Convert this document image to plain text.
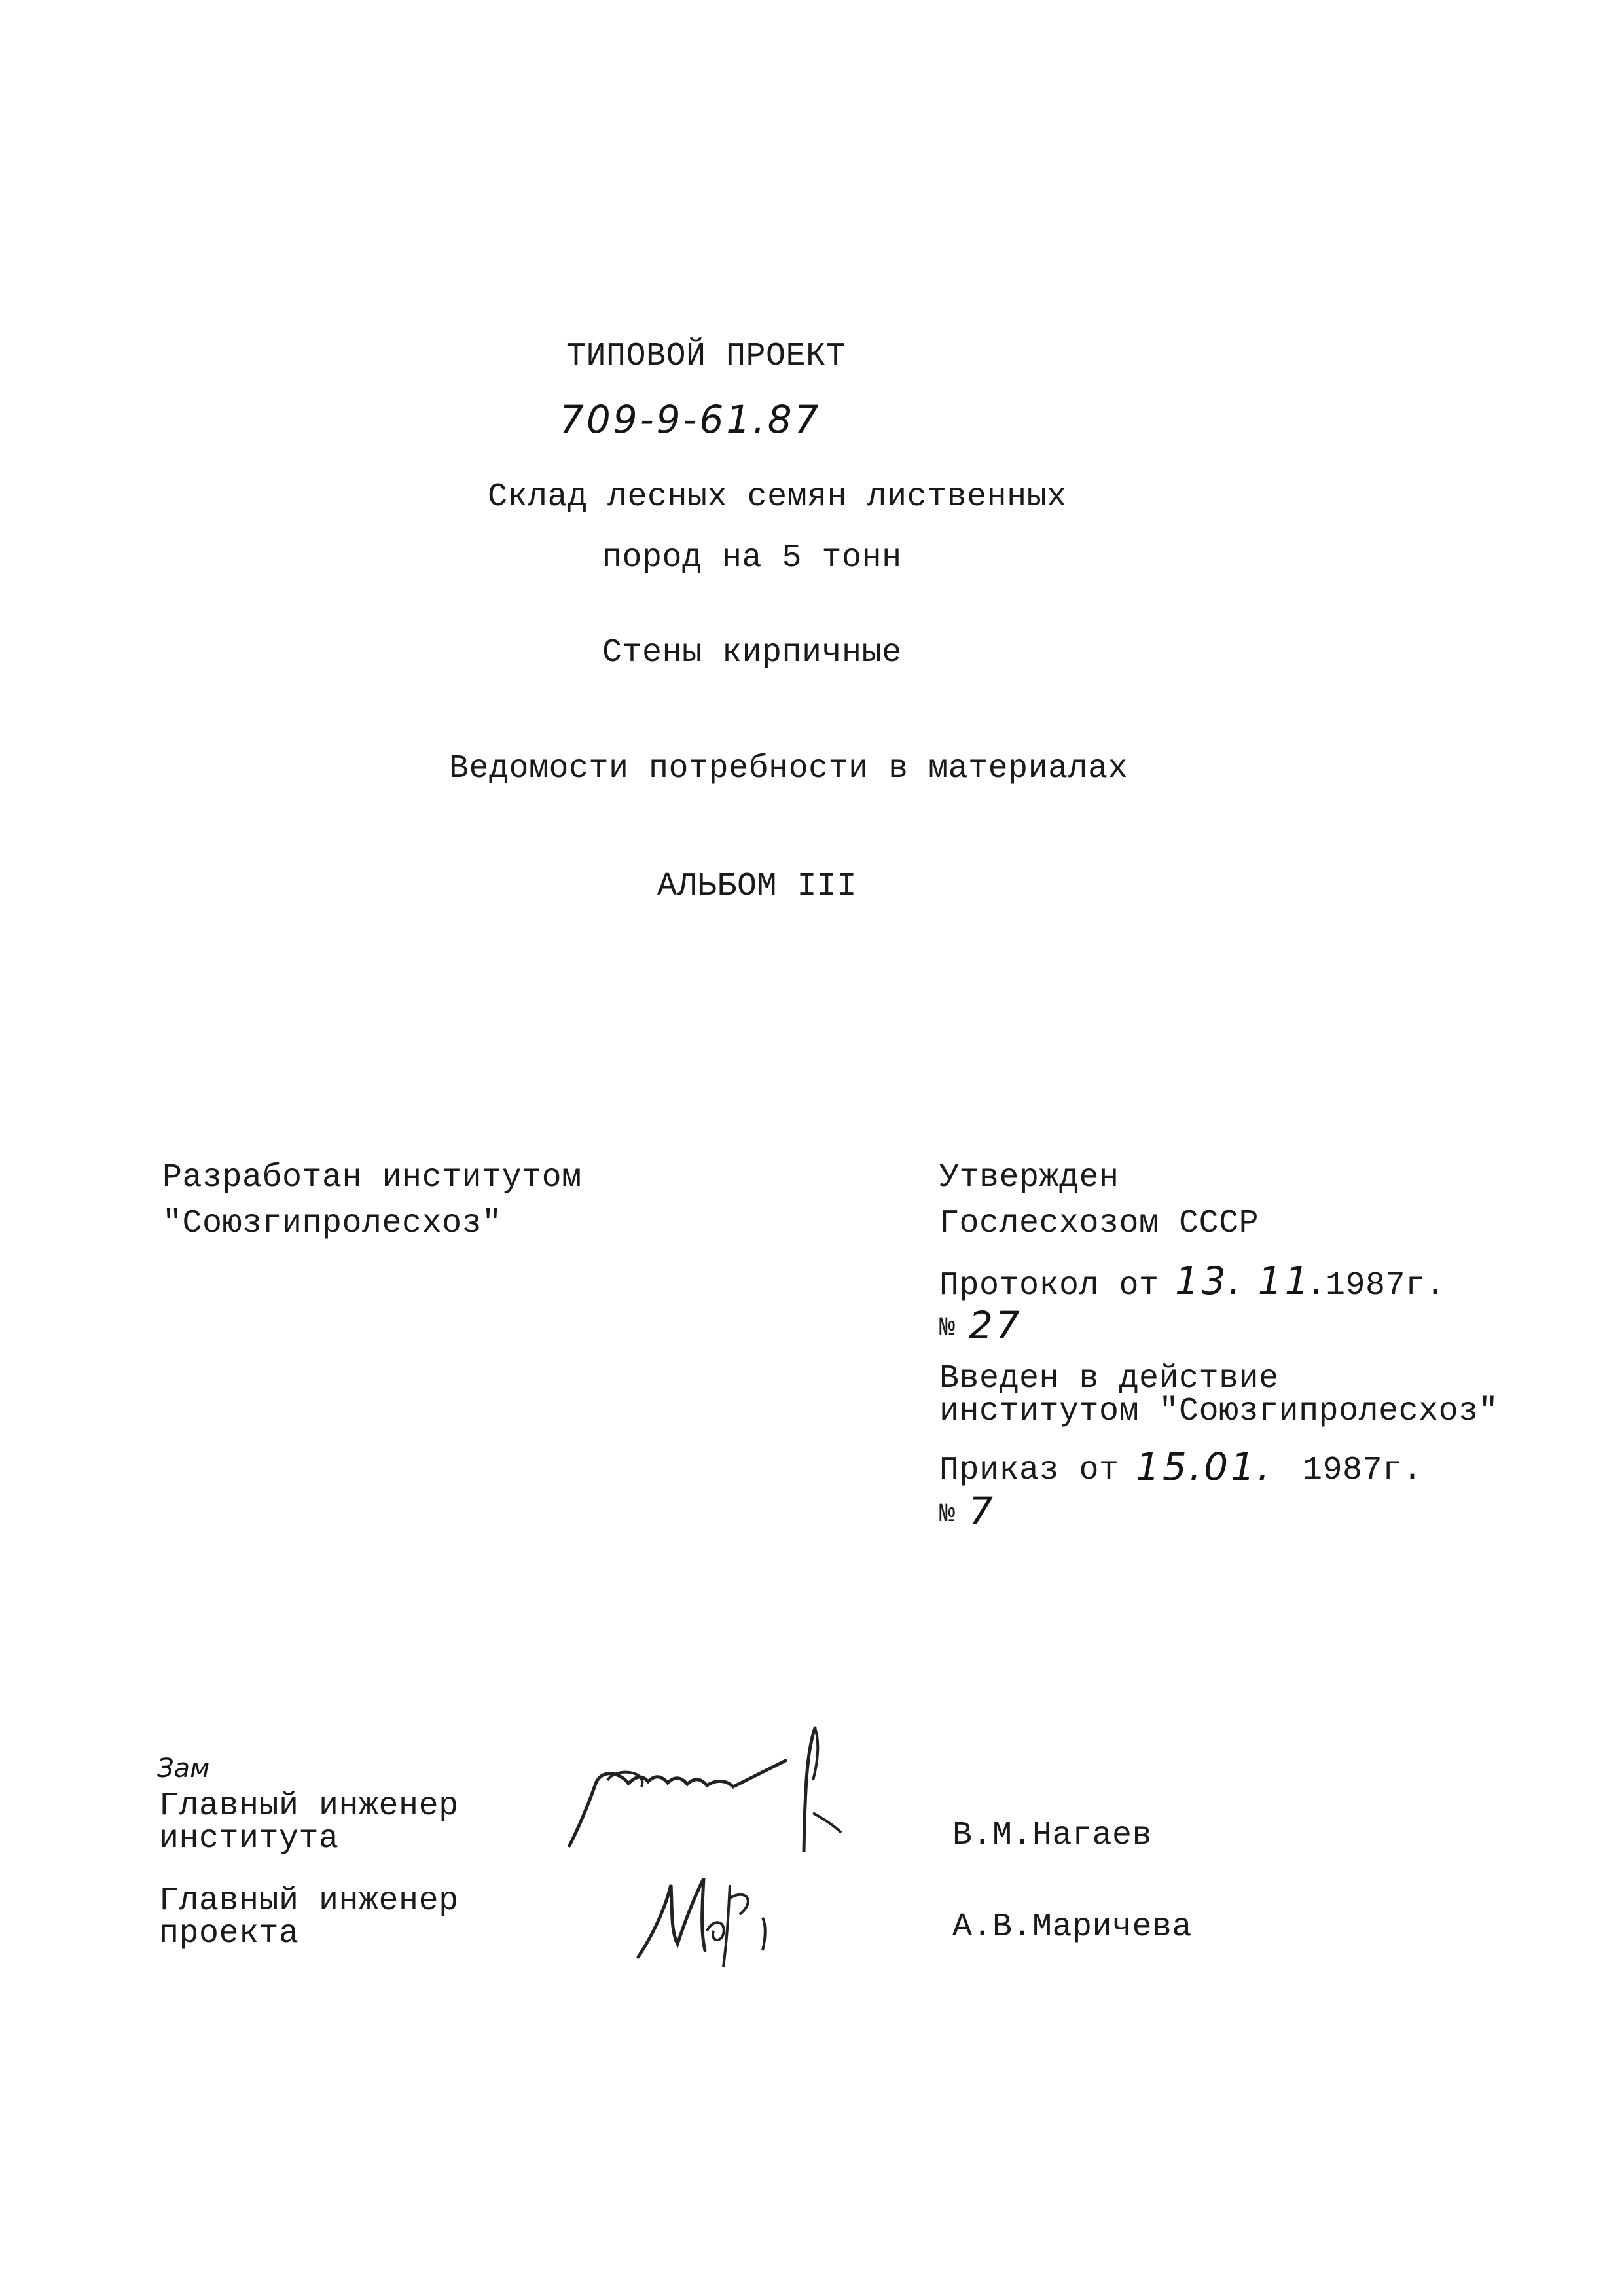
ТИПОВОЙ ПРОЕКТ
709-9-61.87
Склад лесных семян лиственных
пород на 5 тонн
Стены кирпичные
Ведомости потребности в материалах
АЛЬБОМ III
Разработан институтом
"Союзгипролесхоз"
Утвержден
Гослесхозом СССР
Протокол от 13. 11. 1987г.
№ 27
Введен в действие
институтом "Союзгипролесхоз"
Приказ от 15.01. 1987г.
№ 7
Зам
Главный инженер
института	В.М.Нагаев
Главный инженер
проекта	А.В.Маричева
